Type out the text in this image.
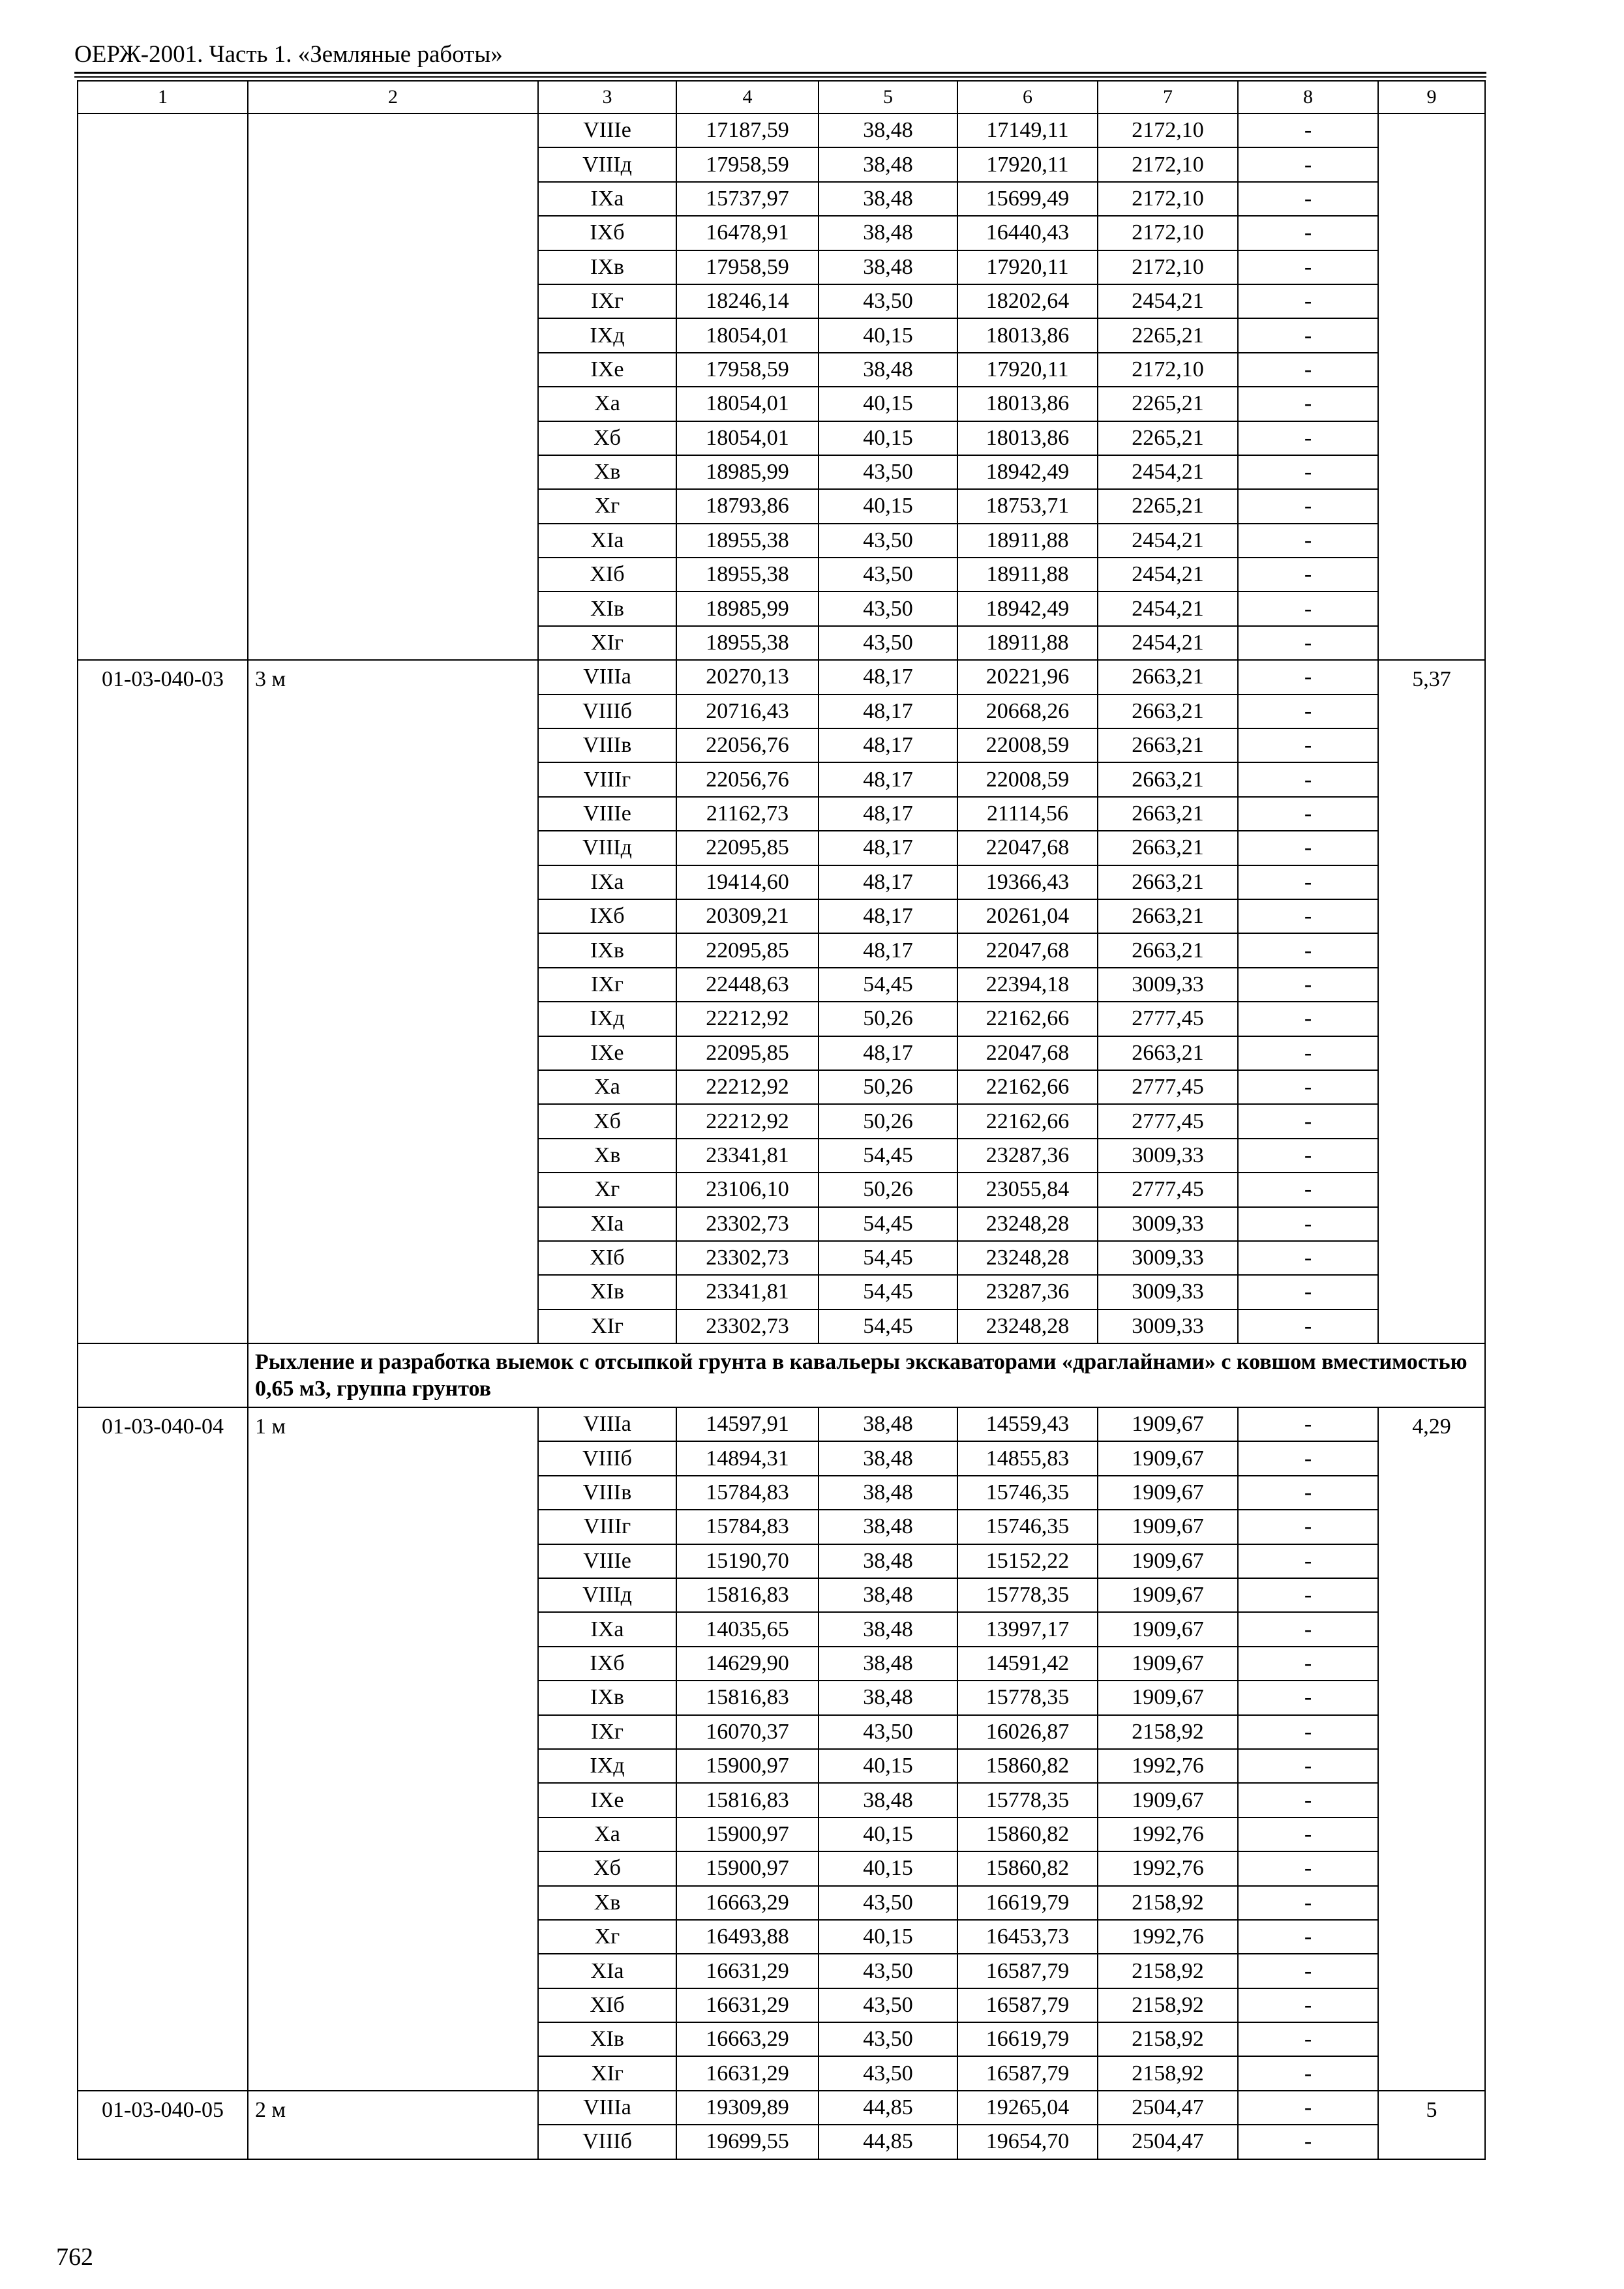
ОЕРЖ-2001. Часть 1. «Земляные работы»
1	2	3	4	5	6	7	8	9
		VIIIе	17187,59	38,48	17149,11	2172,10	-	
		VIIIд	17958,59	38,48	17920,11	2172,10	-	
		IXа	15737,97	38,48	15699,49	2172,10	-	
		IXб	16478,91	38,48	16440,43	2172,10	-	
		IXв	17958,59	38,48	17920,11	2172,10	-	
		IXг	18246,14	43,50	18202,64	2454,21	-	
		IXд	18054,01	40,15	18013,86	2265,21	-	
		IXе	17958,59	38,48	17920,11	2172,10	-	
		Xа	18054,01	40,15	18013,86	2265,21	-	
		Xб	18054,01	40,15	18013,86	2265,21	-	
		Xв	18985,99	43,50	18942,49	2454,21	-	
		Xг	18793,86	40,15	18753,71	2265,21	-	
		XIа	18955,38	43,50	18911,88	2454,21	-	
		XIб	18955,38	43,50	18911,88	2454,21	-	
		XIв	18985,99	43,50	18942,49	2454,21	-	
		XIг	18955,38	43,50	18911,88	2454,21	-	
01-03-040-03	3 м	VIIIа	20270,13	48,17	20221,96	2663,21	-	5,37
		VIIIб	20716,43	48,17	20668,26	2663,21	-	
		VIIIв	22056,76	48,17	22008,59	2663,21	-	
		VIIIг	22056,76	48,17	22008,59	2663,21	-	
		VIIIе	21162,73	48,17	21114,56	2663,21	-	
		VIIIд	22095,85	48,17	22047,68	2663,21	-	
		IXа	19414,60	48,17	19366,43	2663,21	-	
		IXб	20309,21	48,17	20261,04	2663,21	-	
		IXв	22095,85	48,17	22047,68	2663,21	-	
		IXг	22448,63	54,45	22394,18	3009,33	-	
		IXд	22212,92	50,26	22162,66	2777,45	-	
		IXе	22095,85	48,17	22047,68	2663,21	-	
		Xа	22212,92	50,26	22162,66	2777,45	-	
		Xб	22212,92	50,26	22162,66	2777,45	-	
		Xв	23341,81	54,45	23287,36	3009,33	-	
		Xг	23106,10	50,26	23055,84	2777,45	-	
		XIа	23302,73	54,45	23248,28	3009,33	-	
		XIб	23302,73	54,45	23248,28	3009,33	-	
		XIв	23341,81	54,45	23287,36	3009,33	-	
		XIг	23302,73	54,45	23248,28	3009,33	-	
	Рыхление и разработка выемок с отсыпкой грунта в кавальеры экскаваторами «драглайнами» с ковшом вместимостью 0,65 м3, группа грунтов							
01-03-040-04	1 м	VIIIа	14597,91	38,48	14559,43	1909,67	-	4,29
		VIIIб	14894,31	38,48	14855,83	1909,67	-	
		VIIIв	15784,83	38,48	15746,35	1909,67	-	
		VIIIг	15784,83	38,48	15746,35	1909,67	-	
		VIIIе	15190,70	38,48	15152,22	1909,67	-	
		VIIIд	15816,83	38,48	15778,35	1909,67	-	
		IXа	14035,65	38,48	13997,17	1909,67	-	
		IXб	14629,90	38,48	14591,42	1909,67	-	
		IXв	15816,83	38,48	15778,35	1909,67	-	
		IXг	16070,37	43,50	16026,87	2158,92	-	
		IXд	15900,97	40,15	15860,82	1992,76	-	
		IXе	15816,83	38,48	15778,35	1909,67	-	
		Xа	15900,97	40,15	15860,82	1992,76	-	
		Xб	15900,97	40,15	15860,82	1992,76	-	
		Xв	16663,29	43,50	16619,79	2158,92	-	
		Xг	16493,88	40,15	16453,73	1992,76	-	
		XIа	16631,29	43,50	16587,79	2158,92	-	
		XIб	16631,29	43,50	16587,79	2158,92	-	
		XIв	16663,29	43,50	16619,79	2158,92	-	
		XIг	16631,29	43,50	16587,79	2158,92	-	
01-03-040-05	2 м	VIIIа	19309,89	44,85	19265,04	2504,47	-	5
		VIIIб	19699,55	44,85	19654,70	2504,47	-	
762
